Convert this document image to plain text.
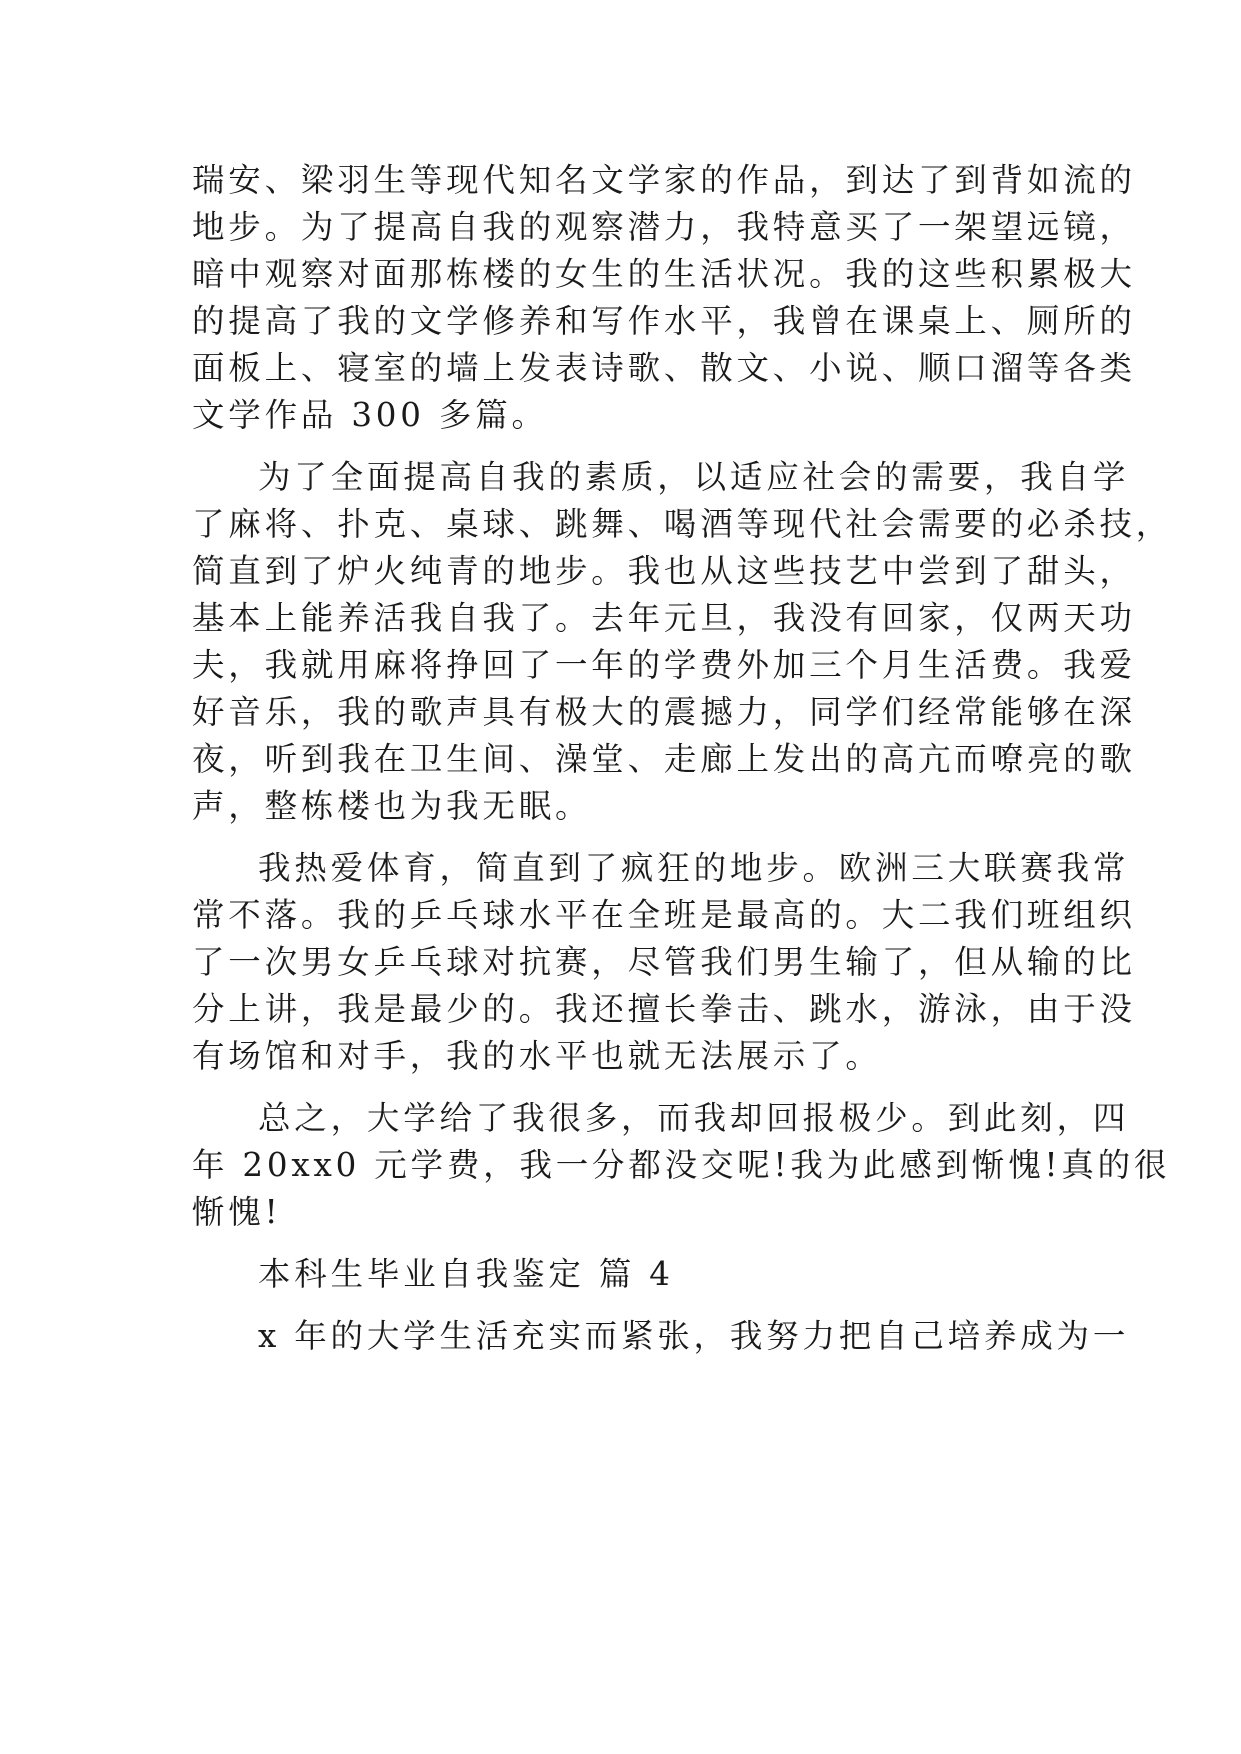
瑞安、梁羽生等现代知名文学家的作品，到达了到背如流的

地步。为了提高自我的观察潜力，我特意买了一架望远镜，

暗中观察对面那栋楼的女生的生活状况。我的这些积累极大

的提高了我的文学修养和写作水平，我曾在课桌上、厕所的

面板上、寝室的墙上发表诗歌、散文、小说、顺口溜等各类

文学作品 300 多篇。

为了全面提高自我的素质，以适应社会的需要，我自学

了麻将、扑克、桌球、跳舞、喝酒等现代社会需要的必杀技，

简直到了炉火纯青的地步。我也从这些技艺中尝到了甜头，

基本上能养活我自我了。去年元旦，我没有回家，仅两天功

夫，我就用麻将挣回了一年的学费外加三个月生活费。我爱

好音乐，我的歌声具有极大的震撼力，同学们经常能够在深

夜，听到我在卫生间、澡堂、走廊上发出的高亢而嘹亮的歌

声，整栋楼也为我无眠。

我热爱体育，简直到了疯狂的地步。欧洲三大联赛我常

常不落。我的乒乓球水平在全班是最高的。大二我们班组织

了一次男女乒乓球对抗赛，尽管我们男生输了，但从输的比

分上讲，我是最少的。我还擅长拳击、跳水，游泳，由于没

有场馆和对手，我的水平也就无法展示了。

总之，大学给了我很多，而我却回报极少。到此刻，四

年 20xx0 元学费，我一分都没交呢!我为此感到惭愧!真的很

惭愧!

本科生毕业自我鉴定 篇 4

x 年的大学生活充实而紧张，我努力把自己培养成为一
